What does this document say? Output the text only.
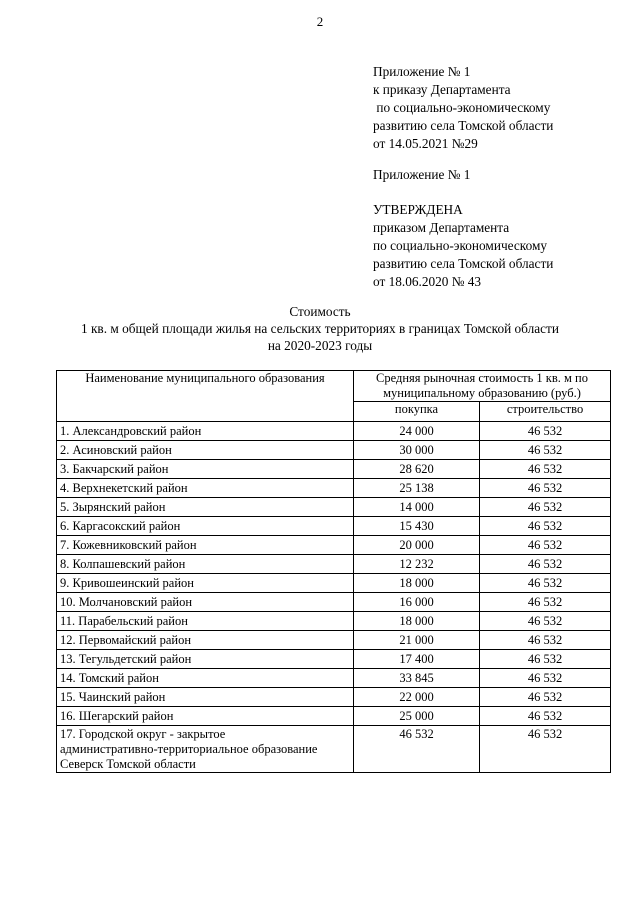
2
Приложение № 1
к приказу Департамента
по социально-экономическому
развитию села Томской области
от 14.05.2021 №29
Приложение № 1
УТВЕРЖДЕНА
приказом Департамента
по социально-экономическому
развитию села Томской области
от 18.06.2020 № 43
Стоимость
1 кв. м общей площади жилья на сельских территориях в границах Томской области
на 2020-2023 годы
Наименование муниципального образования	Средняя рыночная стоимость 1 кв. м по муниципальному образованию (руб.)	
	покупка	строительство
1. Александровский район	24 000	46 532
2. Асиновский район	30 000	46 532
3. Бакчарский район	28 620	46 532
4. Верхнекетский район	25 138	46 532
5. Зырянский район	14 000	46 532
6. Каргасокский район	15 430	46 532
7. Кожевниковский район	20 000	46 532
8. Колпашевский район	12 232	46 532
9. Кривошеинский район	18 000	46 532
10. Молчановский район	16 000	46 532
11. Парабельский район	18 000	46 532
12. Первомайский район	21 000	46 532
13. Тегульдетский район	17 400	46 532
14. Томский район	33 845	46 532
15. Чаинский район	22 000	46 532
16. Шегарский район	25 000	46 532

17. Городской округ - закрытое
административно-территориальное образование
Северск Томской области	46 532	46 532
